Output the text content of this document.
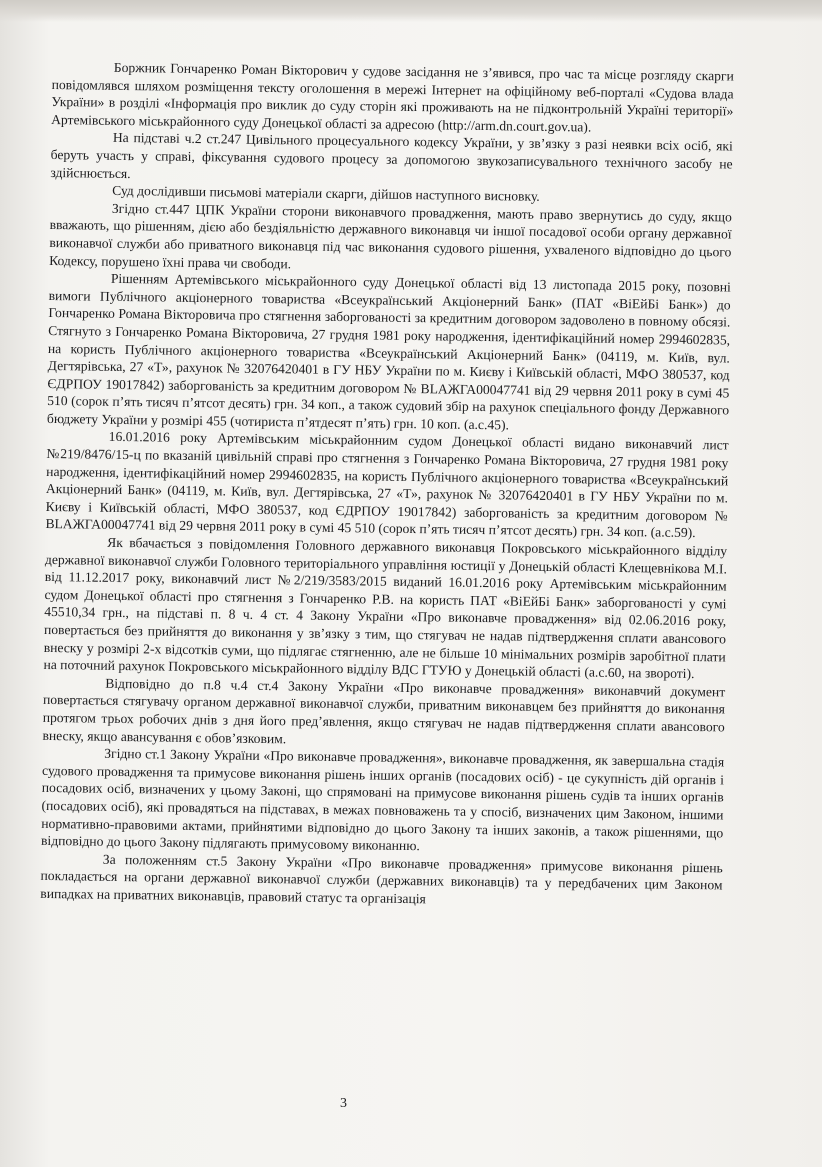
Боржник Гончаренко Роман Вікторович у судове засідання не з’явився, про час та місце розгляду скарги повідомлявся шляхом розміщення тексту оголошення в мережі Інтернет на офіційному веб-порталі «Судова влада України» в розділі «Інформація про виклик до суду сторін які проживають на не підконтрольній Україні території» Артемівського міськрайонного суду Донецької області за адресою (http://arm.dn.court.gov.ua).

На підставі ч.2 ст.247 Цивільного процесуального кодексу України, у зв’язку з разі неявки всіх осіб, які беруть участь у справі, фіксування судового процесу за допомогою звукозаписувального технічного засобу не здійснюється.

Суд дослідивши письмові матеріали скарги, дійшов наступного висновку.

Згідно ст.447 ЦПК України сторони виконавчого провадження, мають право звернутись до суду, якщо вважають, що рішенням, дією або бездіяльністю державного виконавця чи іншої посадової особи органу державної виконавчої служби або приватного виконавця під час виконання судового рішення, ухваленого відповідно до цього Кодексу, порушено їхні права чи свободи.

Рішенням Артемівського міськрайонного суду Донецької області від 13 листопада 2015 року, позовні вимоги Публічного акціонерного товариства «Всеукраїнський Акціонерний Банк» (ПАТ «ВіЕйБі Банк») до Гончаренко Романа Вікторовича про стягнення заборгованості за кредитним договором задоволено в повному обсязі. Стягнуто з Гончаренко Романа Вікторовича, 27 грудня 1981 року народження, ідентифікаційний номер 2994602835, на користь Публічного акціонерного товариства «Всеукраїнський Акціонерний Банк» (04119, м. Київ, вул. Дегтярівська, 27 «Т», рахунок № 32076420401 в ГУ НБУ України по м. Києву і Київській області, МФО 380537, код ЄДРПОУ 19017842) заборгованість за кредитним договором № BLАЖГА00047741 від 29 червня 2011 року в сумі 45 510 (сорок п’ять тисяч п’ятсот десять) грн. 34 коп., а також судовий збір на рахунок спеціального фонду Державного бюджету України у розмірі 455 (чотириста п’ятдесят п’ять) грн. 10 коп. (а.с.45).

16.01.2016 року Артемівським міськрайонним судом Донецької області видано виконавчий лист №219/8476/15-ц по вказаній цивільній справі про стягнення з Гончаренко Романа Вікторовича, 27 грудня 1981 року народження, ідентифікаційний номер 2994602835, на користь Публічного акціонерного товариства «Всеукраїнський Акціонерний Банк» (04119, м. Київ, вул. Дегтярівська, 27 «Т», рахунок № 32076420401 в ГУ НБУ України по м. Києву і Київській області, МФО 380537, код ЄДРПОУ 19017842) заборгованість за кредитним договором № BLАЖГА00047741 від 29 червня 2011 року в сумі 45 510 (сорок п’ять тисяч п’ятсот десять) грн. 34 коп. (а.с.59).

Як вбачається з повідомлення Головного державного виконавця Покровського міськрайонного відділу державної виконавчої служби Головного територіального управління юстиції у Донецькій області Клещевнікова М.І. від 11.12.2017 року, виконавчий лист №2/219/3583/2015 виданий 16.01.2016 року Артемівським міськрайонним судом Донецької області про стягнення з Гончаренко Р.В. на користь ПАТ «ВіЕйБі Банк» заборгованості у сумі 45510,34 грн., на підставі п. 8 ч. 4 ст. 4 Закону України «Про виконавче провадження» від 02.06.2016 року, повертається без прийняття до виконання у зв’язку з тим, що стягувач не надав підтвердження сплати авансового внеску у розмірі 2-х відсотків суми, що підлягає стягненню, але не більше 10 мінімальних розмірів заробітної плати на поточний рахунок Покровського міськрайонного відділу ВДС ГТУЮ у Донецькій області (а.с.60, на звороті).

Відповідно до п.8 ч.4 ст.4 Закону України «Про виконавче провадження» виконавчий документ повертається стягувачу органом державної виконавчої служби, приватним виконавцем без прийняття до виконання протягом трьох робочих днів з дня його пред’явлення, якщо стягувач не надав підтвердження сплати авансового внеску, якщо авансування є обов’язковим.

Згідно ст.1 Закону України «Про виконавче провадження», виконавче провадження, як завершальна стадія судового провадження та примусове виконання рішень інших органів (посадових осіб) - це сукупність дій органів і посадових осіб, визначених у цьому Законі, що спрямовані на примусове виконання рішень судів та інших органів (посадових осіб), які провадяться на підставах, в межах повноважень та у спосіб, визначених цим Законом, іншими нормативно-правовими актами, прийнятими відповідно до цього Закону та інших законів, а також рішеннями, що відповідно до цього Закону підлягають примусовому виконанню.

За положенням ст.5 Закону України «Про виконавче провадження» примусове виконання рішень покладається на органи державної виконавчої служби (державних виконавців) та у передбачених цим Законом випадках на приватних виконавців, правовий статус та організація

3
